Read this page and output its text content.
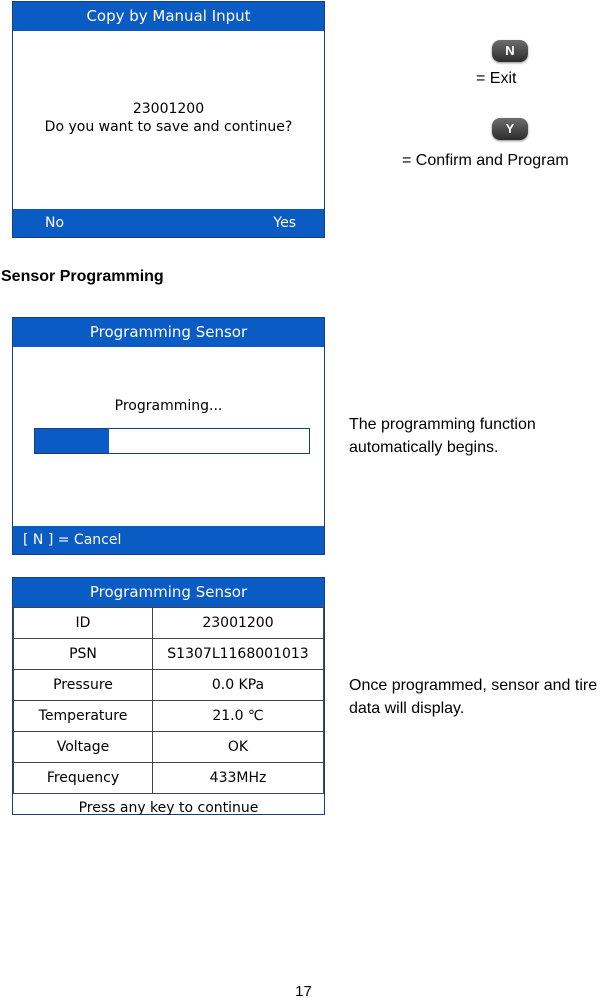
Copy by Manual Input
23001200
Do you want to save and continue?
No	Yes
N
= Exit
Y
= Confirm and Program
Sensor Programming
Programming Sensor
Programming...
[ N ] = Cancel
The programming function automatically begins.
Programming Sensor
ID	23001200
PSN	S1307L1168001013
Pressure	0.0 KPa
Temperature	21.0 ℃
Voltage	OK
Frequency	433MHz
Press any key to continue
Once programmed, sensor and tire data will display.
17
